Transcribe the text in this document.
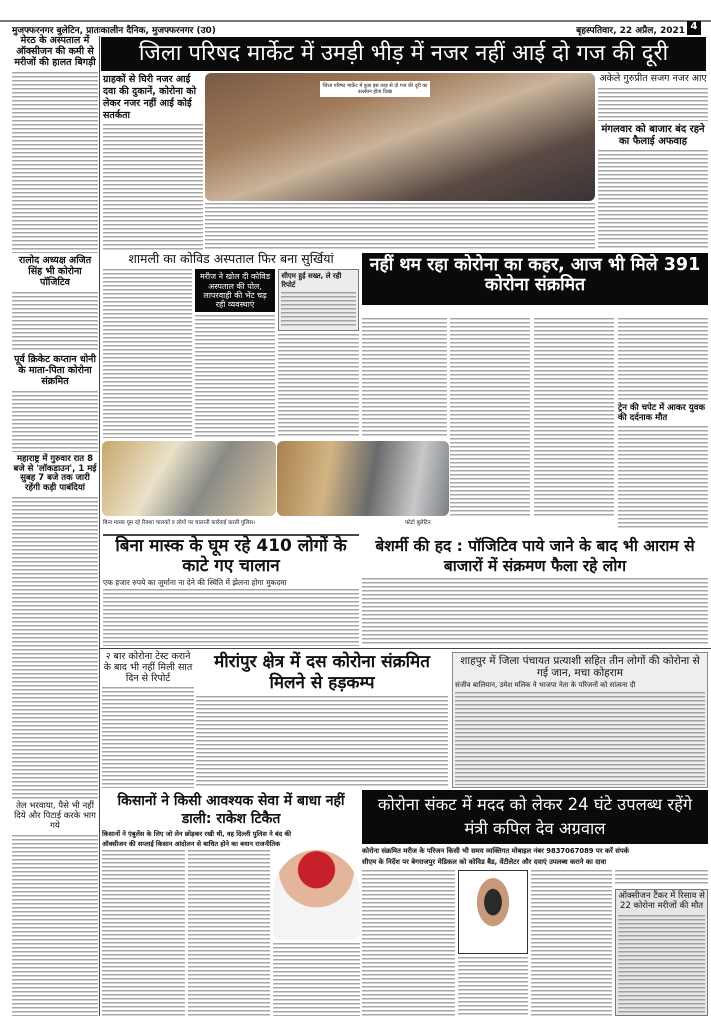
मुजफ्फरनगर बुलेटिन, प्रातःकालीन दैनिक, मुजफ्फरनगर (उ0)	बृहस्पतिवार, 22 अप्रैल, 2021 4
मेरठ के अस्पताल में ऑक्सीजन की कमी से मरीजों की हालत बिगड़ी
रालोद अध्यक्ष अजित सिंह भी कोरोना पॉजिटिव
पूर्व क्रिकेट कप्तान धोनी के माता-पिता कोरोना संक्रमित
महाराष्ट्र में गुरुवार रात 8 बजे से 'लॉकडाउन', 1 मई सुबह 7 बजे तक जारी रहेंगी कड़ी पाबंदियां
तेल भरवाया, पैसे भी नहीं दिये और पिटाई करके भाग गये
जिला परिषद मार्केट में उमड़ी भीड़ में नजर नहीं आई दो गज की दूरी
ग्राहकों से घिरी नजर आई दवा की दुकानें, कोरोना को लेकर नजर नहीं आई कोई सतर्कता
जिला परिषद मार्केट में कुछ इस तरह से दो गज की दूरी का उल्लंघन होता दिखा
अकेले गुरुप्रीत सजग नजर आए
मंगलवार को बाजार बंद रहने का फैलाई अफवाह
शामली का कोविड अस्पताल फिर बना सुर्खियां
मरीज ने खोल दी कोविड अस्पताल की पोल, लापरवाही की भेंट चढ़ रही व्यवस्थाएं
सीएम हुई सख्त, ले रही रिपोर्ट
नहीं थम रहा कोरोना का कहर, आज भी मिले 391 कोरोना संक्रमित
ट्रेन की चपेट में आकर युवक की दर्दनाक मौत
बिना मास्क घूम रहे रिक्शा चालकों व लोगों पर चालानी कार्रवाई करती पुलिस।	फोटो बुलेटिन
बिना मास्क के घूम रहे 410 लोगों के काटे गए चालान
एक हजार रुपये का जुर्माना ना देने की स्थिति में झेलना होगा मुकदमा
बेशर्मी की हद : पॉजिटिव पाये जाने के बाद भी आराम से बाजारों में संक्रमण फैला रहे लोग
२ बार कोरोना टेस्ट कराने के बाद भी नहीं मिली सात दिन से रिपोर्ट
मीरांपुर क्षेत्र में दस कोरोना संक्रमित मिलने से हड़कम्प
शाहपुर में जिला पंचायत प्रत्याशी सहित तीन लोगों की कोरोना से गई जान, मचा कोहराम
संजीव बालियान, उमेश मलिक ने भाजपा नेता के परिजनों को सांत्वना दी
किसानों ने किसी आवश्यक सेवा में बाधा नहीं डाली: राकेश टिकैत
किसानों ने एंबुलेंस के लिए जो लेन छोड़कर रखी थी, वह दिल्ली पुलिस ने बंद की
ऑक्सीजन की सप्लाई किसान आंदोलन से बाधित होने का बयान राजनीतिक
कोरोना संकट में मदद को लेकर 24 घंटे उपलब्ध रहेंगे मंत्री कपिल देव अग्रवाल
कोरोना संक्रमित मरीज के परिजन किसी भी समय व्यक्तिगत मोबाइल नंबर 9837067089 पर करें संपर्क
सीएम के निर्देश पर बेगराजपुर मेडिकल को कोविड बैड, वेंटीलेटर और दवाएं उपलब्ध कराने का दावा
ऑक्सीजन टैंकर में रिसाव से 22 कोरोना मरीजों की मौत
